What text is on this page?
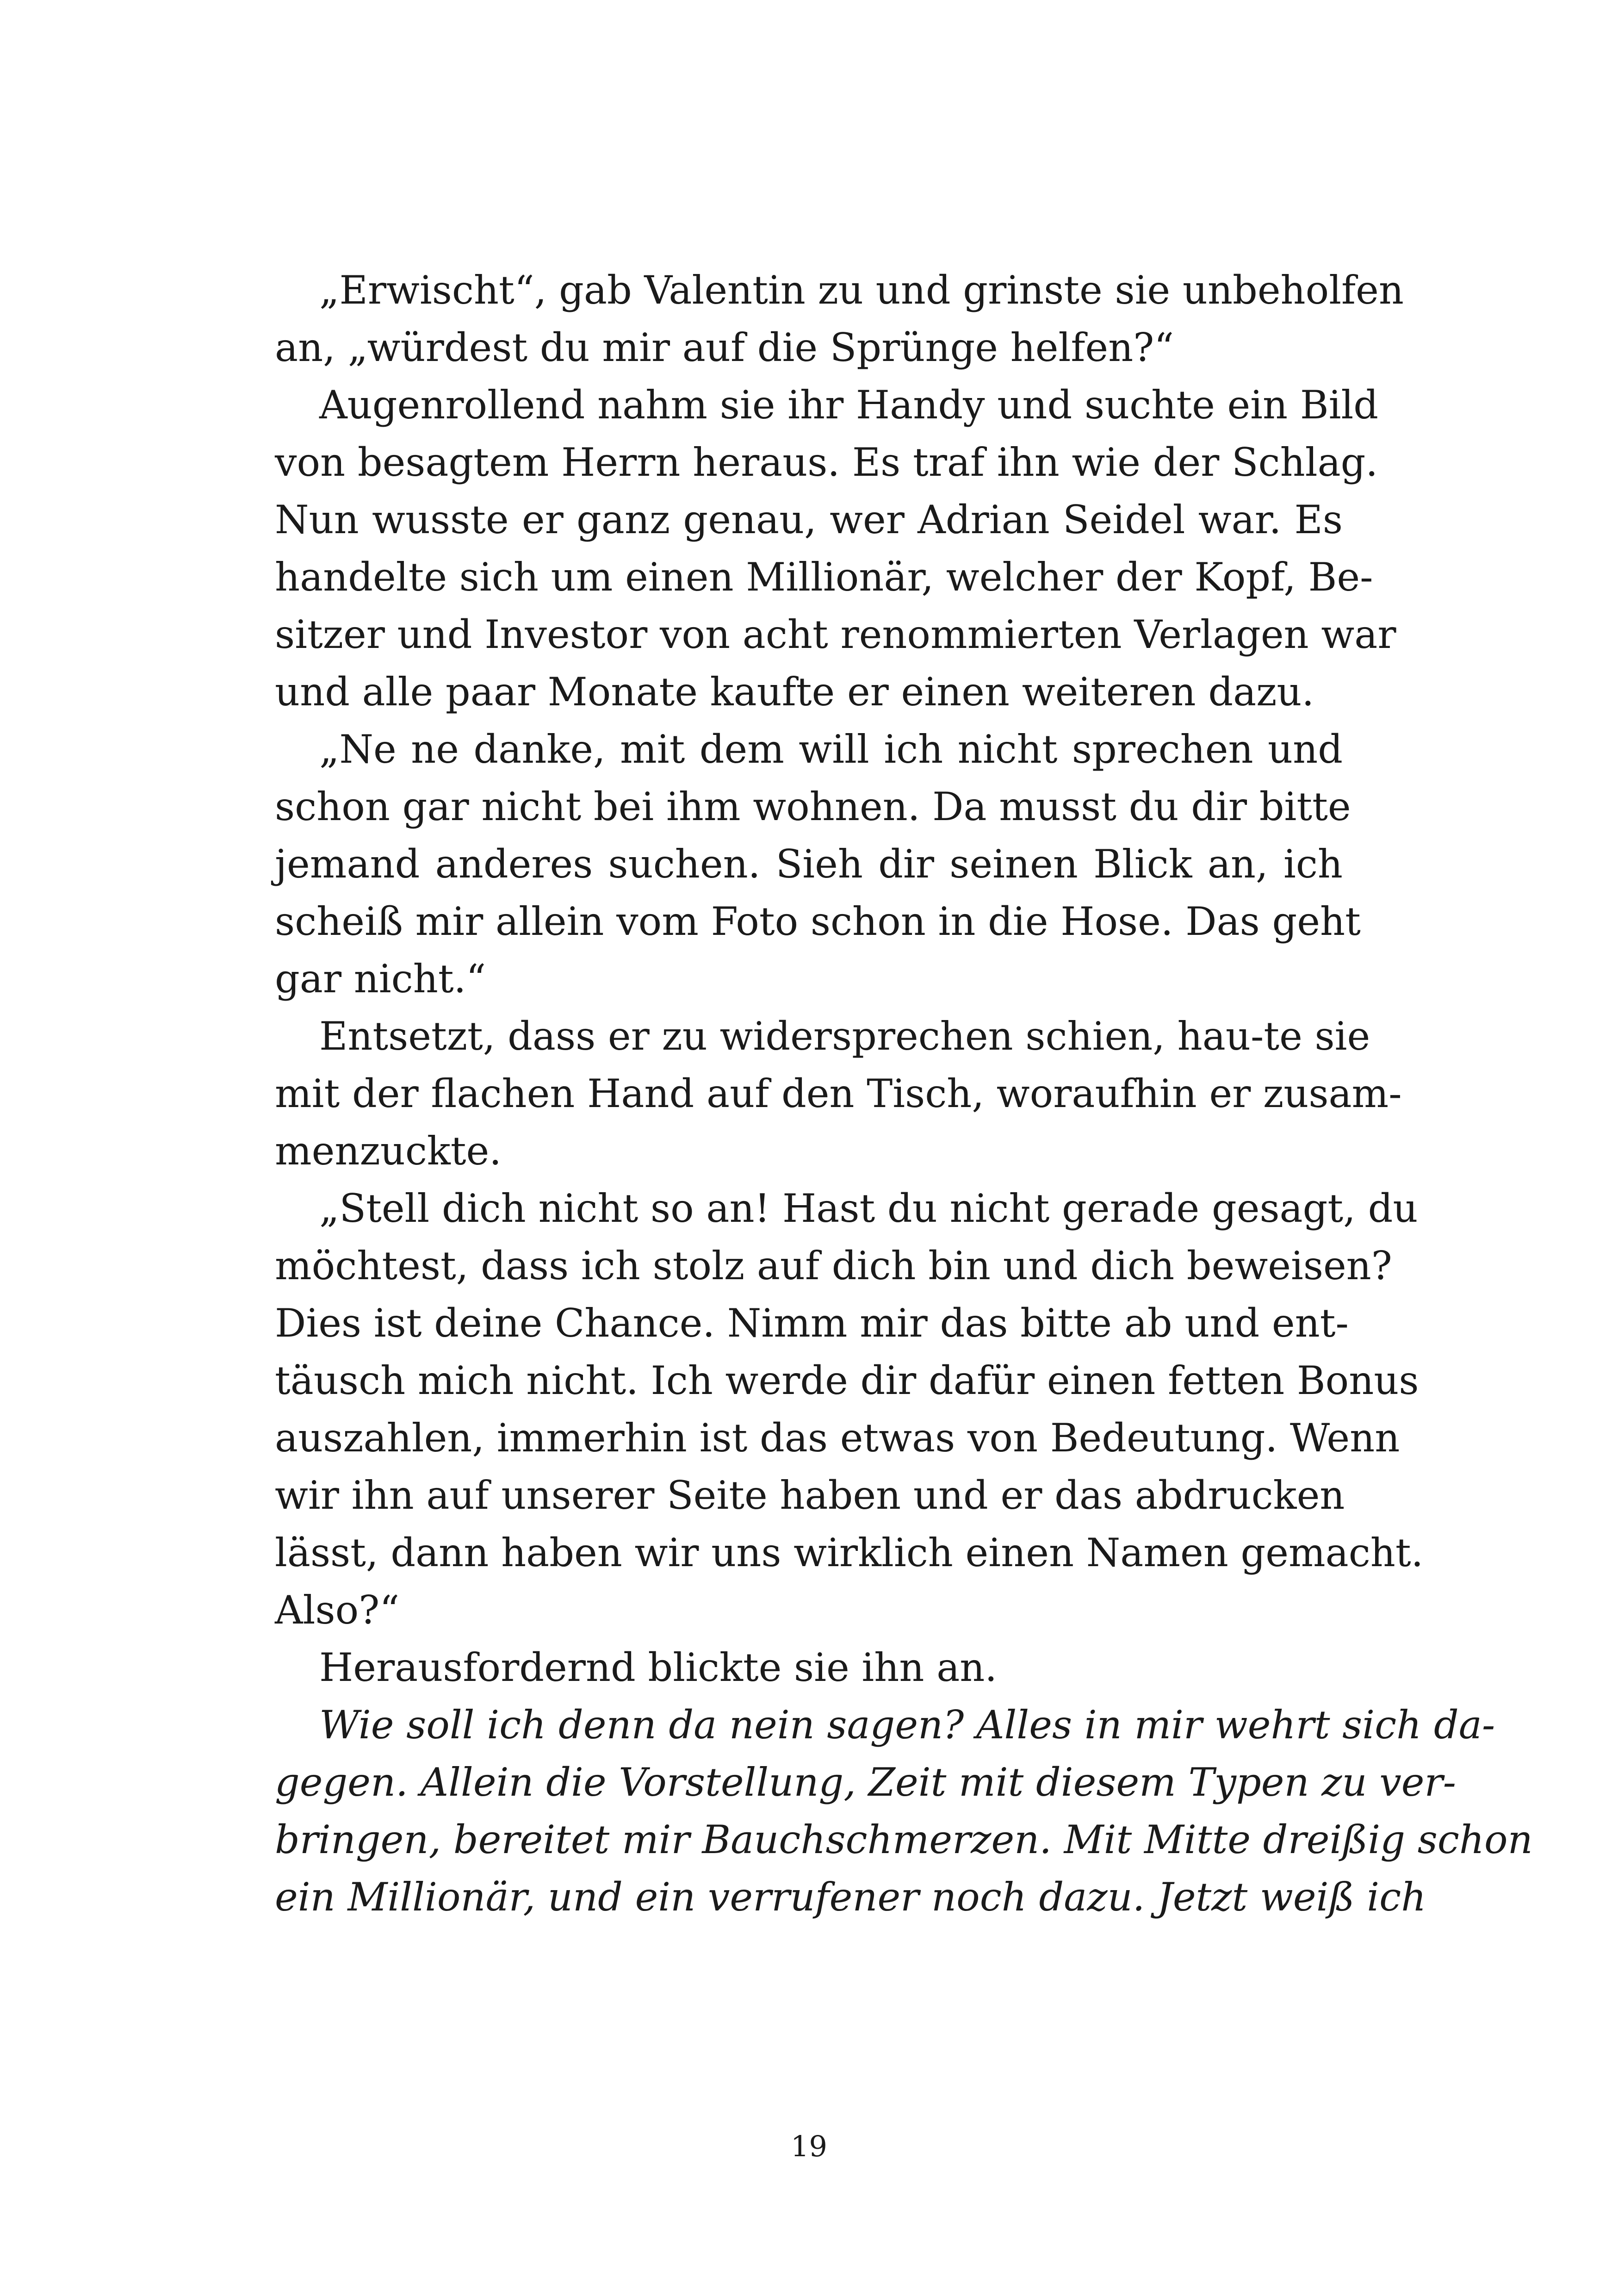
„Erwischt“, gab Valentin zu und grinste sie unbeholfen
an, „würdest du mir auf die Sprünge helfen?“
Augenrollend nahm sie ihr Handy und suchte ein Bild
von besagtem Herrn heraus. Es traf ihn wie der Schlag.
Nun wusste er ganz genau, wer Adrian Seidel war. Es
handelte sich um einen Millionär, welcher der Kopf, Be-
sitzer und Investor von acht renommierten Verlagen war
und alle paar Monate kaufte er einen weiteren dazu.
„Ne ne danke, mit dem will ich nicht sprechen und
schon gar nicht bei ihm wohnen. Da musst du dir bitte
jemand anderes suchen. Sieh dir seinen Blick an, ich
scheiß mir allein vom Foto schon in die Hose. Das geht
gar nicht.“
Entsetzt, dass er zu widersprechen schien, hau-te sie
mit der flachen Hand auf den Tisch, woraufhin er zusam-
menzuckte.
„Stell dich nicht so an! Hast du nicht gerade gesagt, du
möchtest, dass ich stolz auf dich bin und dich beweisen?
Dies ist deine Chance. Nimm mir das bitte ab und ent-
täusch mich nicht. Ich werde dir dafür einen fetten Bonus
auszahlen, immerhin ist das etwas von Bedeutung. Wenn
wir ihn auf unserer Seite haben und er das abdrucken
lässt, dann haben wir uns wirklich einen Namen gemacht.
Also?“
Herausfordernd blickte sie ihn an.
Wie soll ich denn da nein sagen? Alles in mir wehrt sich da-
gegen. Allein die Vorstellung, Zeit mit diesem Typen zu ver-
bringen, bereitet mir Bauchschmerzen. Mit Mitte dreißig schon
ein Millionär, und ein verrufener noch dazu. Jetzt weiß ich
19
